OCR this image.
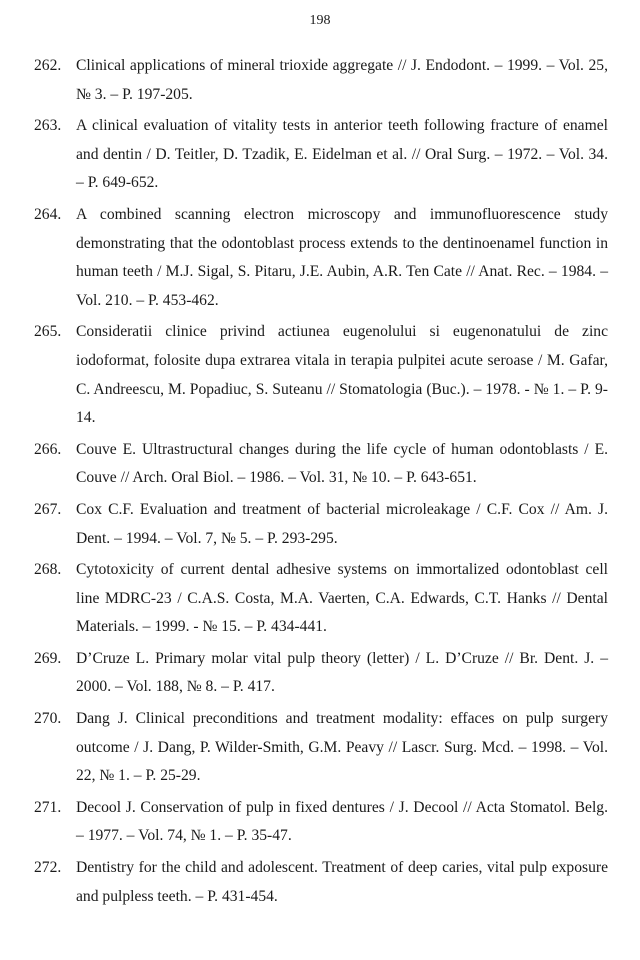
198
262. Clinical applications of mineral trioxide aggregate // J. Endodont. – 1999. – Vol. 25, № 3. – P. 197-205.
263. A clinical evaluation of vitality tests in anterior teeth following fracture of enamel and dentin / D. Teitler, D. Tzadik, E. Eidelman et al. // Oral Surg. – 1972. – Vol. 34. – P. 649-652.
264. A combined scanning electron microscopy and immunofluorescence study demonstrating that the odontoblast process extends to the dentinoenamel function in human teeth / M.J. Sigal, S. Pitaru, J.E. Aubin, A.R. Ten Cate // Anat. Rec. – 1984. – Vol. 210. – P. 453-462.
265. Consideratii clinice privind actiunea eugenolului si eugenonatului de zinc iodoformat, folosite dupa extrarea vitala in terapia pulpitei acute seroase / M. Gafar, C. Andreescu, M. Popadiuc, S. Suteanu // Stomatologia (Buc.). – 1978. - № 1. – P. 9-14.
266. Couve E. Ultrastructural changes during the life cycle of human odontoblasts / E. Couve // Arch. Oral Biol. – 1986. – Vol. 31, № 10. – P. 643-651.
267. Cox C.F. Evaluation and treatment of bacterial microleakage / C.F. Cox // Am. J. Dent. – 1994. – Vol. 7, № 5. – P. 293-295.
268. Cytotoxicity of current dental adhesive systems on immortalized odontoblast cell line MDRC-23 / C.A.S. Costa, M.A. Vaerten, C.A. Edwards, C.T. Hanks // Dental Materials. – 1999. - № 15. – P. 434-441.
269. D’Cruze L. Primary molar vital pulp theory (letter) / L. D’Cruze // Br. Dent. J. – 2000. – Vol. 188, № 8. – P. 417.
270. Dang J. Clinical preconditions and treatment modality: effaces on pulp surgery outcome / J. Dang, P. Wilder-Smith, G.M. Peavy // Lascr. Surg. Mcd. – 1998. – Vol. 22, № 1. – P. 25-29.
271. Decool J. Conservation of pulp in fixed dentures / J. Decool // Acta Stomatol. Belg. – 1977. – Vol. 74, № 1. – P. 35-47.
272. Dentistry for the child and adolescent. Treatment of deep caries, vital pulp exposure and pulpless teeth. – P. 431-454.
